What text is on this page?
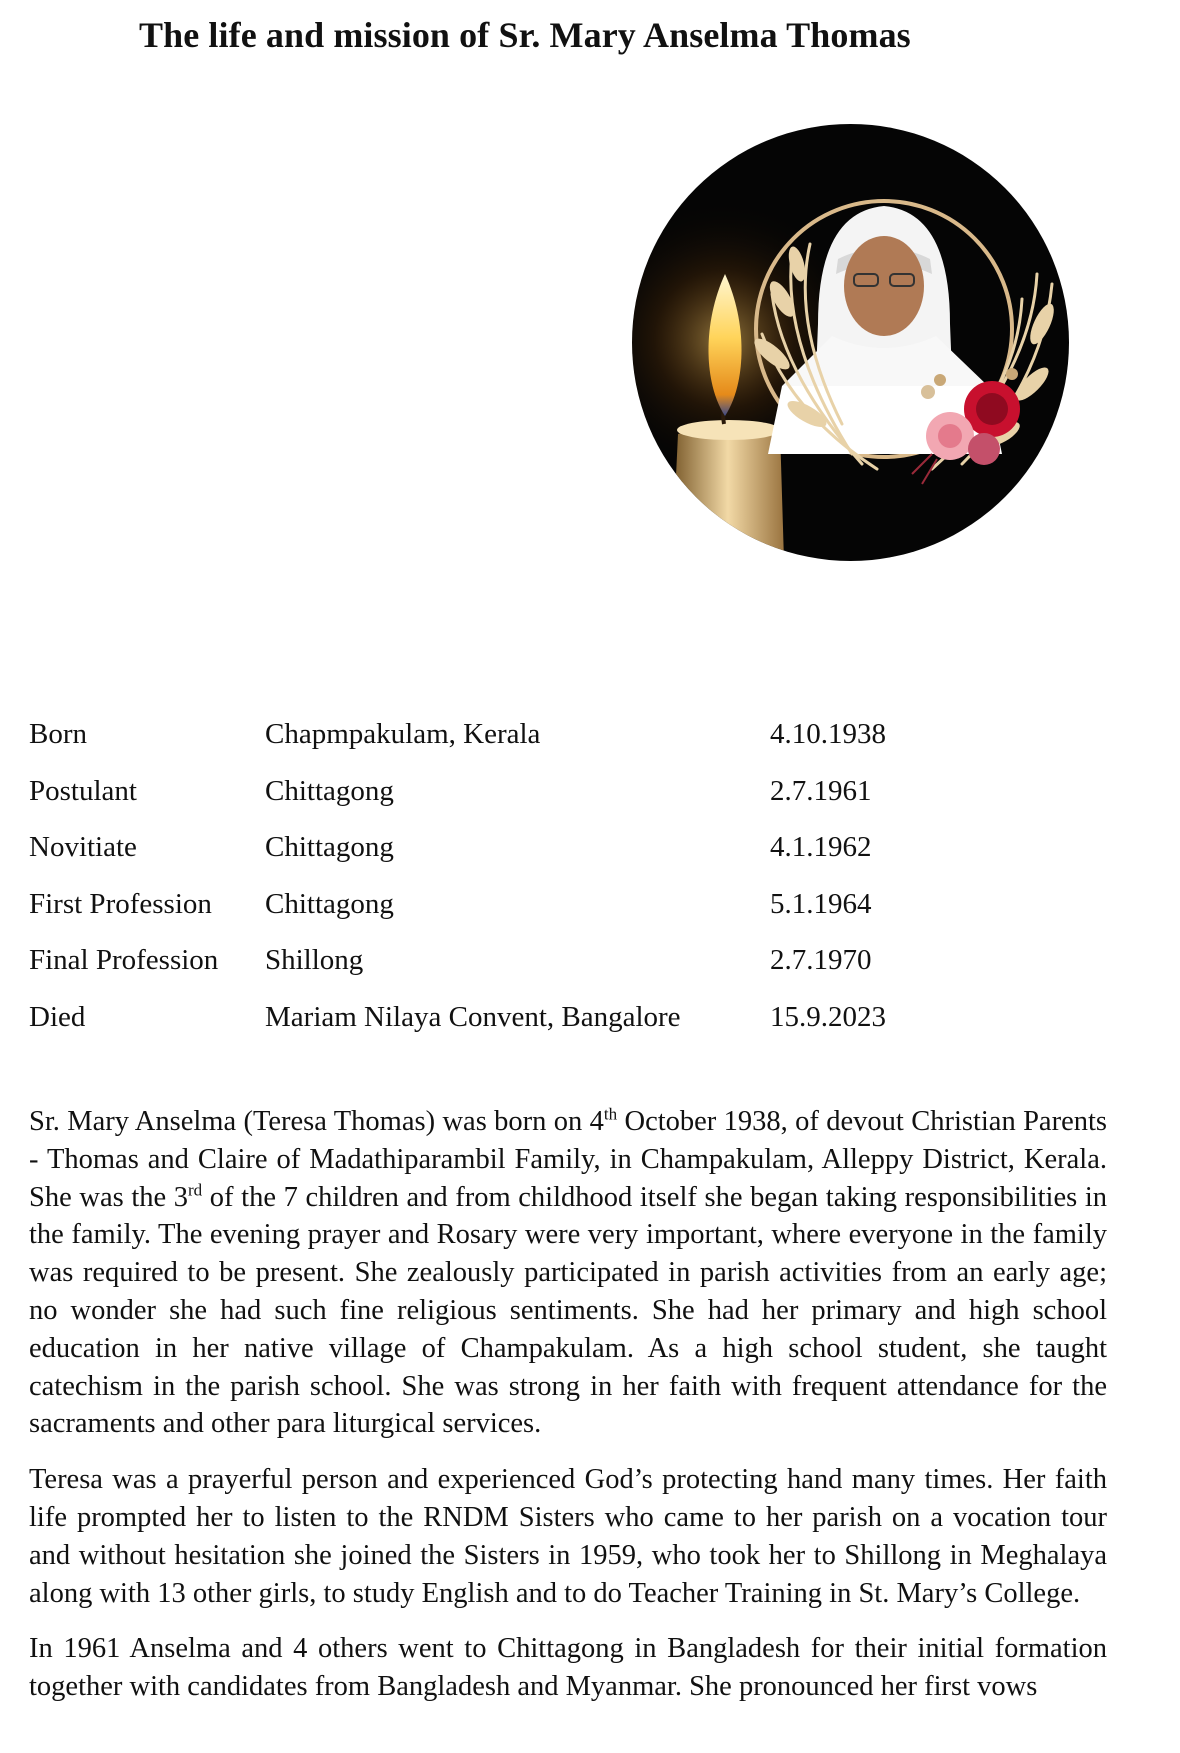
The life and mission of Sr. Mary Anselma Thomas
Born	Chapmpakulam, Kerala	4.10.1938
Postulant	Chittagong	2.7.1961
Novitiate	Chittagong	4.1.1962
First Profession	Chittagong	5.1.1964
Final Profession	Shillong	2.7.1970
Died	Mariam Nilaya Convent, Bangalore	15.9.2023

Sr. Mary Anselma (Teresa Thomas) was born on 4th October 1938, of devout Christian Parents - Thomas and Claire of Madathiparambil Family, in Champakulam, Alleppy District, Kerala. She was the 3rd of the 7 children and from childhood itself she began taking responsibilities in the family. The evening prayer and Rosary were very important, where everyone in the family was required to be present. She zealously participated in parish activities from an early age; no wonder she had such fine religious sentiments. She had her primary and high school education in her native village of Champakulam. As a high school student, she taught catechism in the parish school. She was strong in her faith with frequent attendance for the sacraments and other para liturgical services.

Teresa was a prayerful person and experienced God’s protecting hand many times. Her faith life prompted her to listen to the RNDM Sisters who came to her parish on a vocation tour and without hesitation she joined the Sisters in 1959, who took her to Shillong in Meghalaya along with 13 other girls, to study English and to do Teacher Training in St. Mary’s College.

In 1961 Anselma and 4 others went to Chittagong in Bangladesh for their initial formation together with candidates from Bangladesh and Myanmar. She pronounced her first vows
